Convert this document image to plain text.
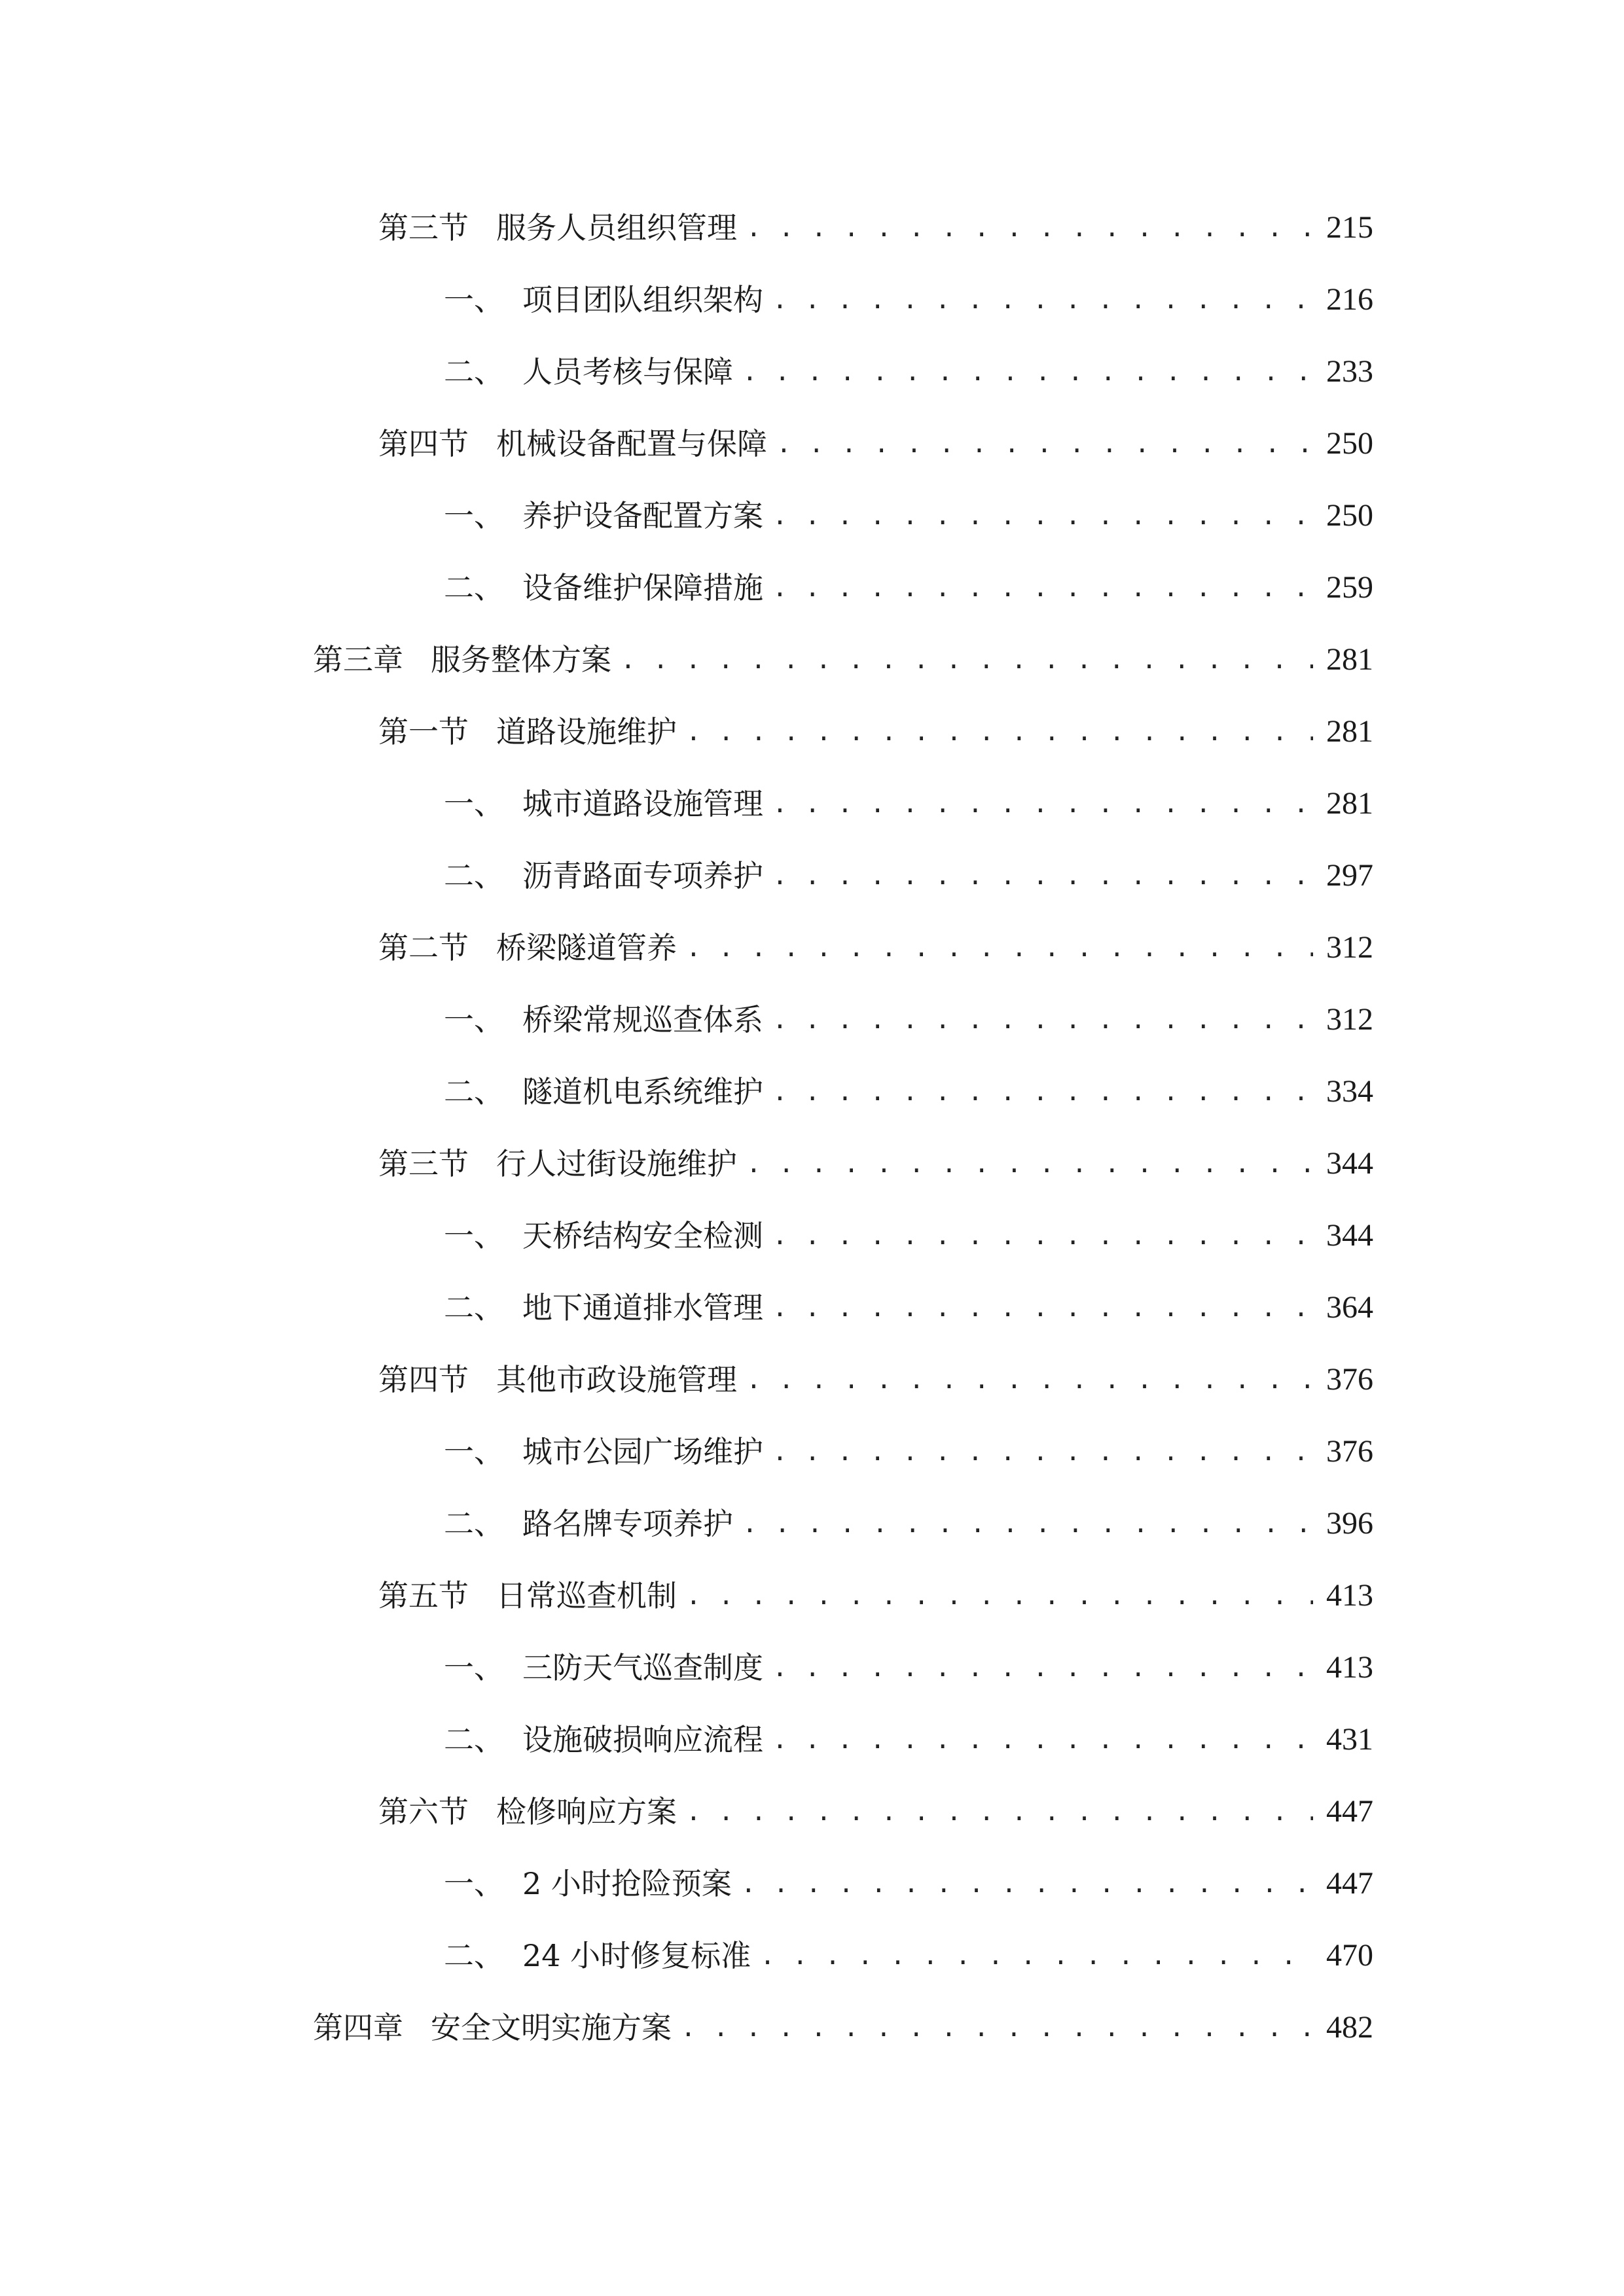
第三节 服务人员组织管理 . . .	215
一、 项目团队组织架构 . . .	216
二、 人员考核与保障 . . .	233
第四节 机械设备配置与保障 . . .	250
一、 养护设备配置方案 . . .	250
二、 设备维护保障措施 . . .	259
第三章 服务整体方案 . . .	281
第一节 道路设施维护 . . .	281
一、 城市道路设施管理 . . .	281
二、 沥青路面专项养护 . . .	297
第二节 桥梁隧道管养 . . .	312
一、 桥梁常规巡查体系 . . .	312
二、 隧道机电系统维护 . . .	334
第三节 行人过街设施维护 . . .	344
一、 天桥结构安全检测 . . .	344
二、 地下通道排水管理 . . .	364
第四节 其他市政设施管理 . . .	376
一、 城市公园广场维护 . . .	376
二、 路名牌专项养护 . . .	396
第五节 日常巡查机制 . . .	413
一、 三防天气巡查制度 . . .	413
二、 设施破损响应流程 . . .	431
第六节 检修响应方案 . . .	447
一、 2 小时抢险预案 . . .	447
二、 24 小时修复标准 . . .	470
第四章 安全文明实施方案 . . .	482
